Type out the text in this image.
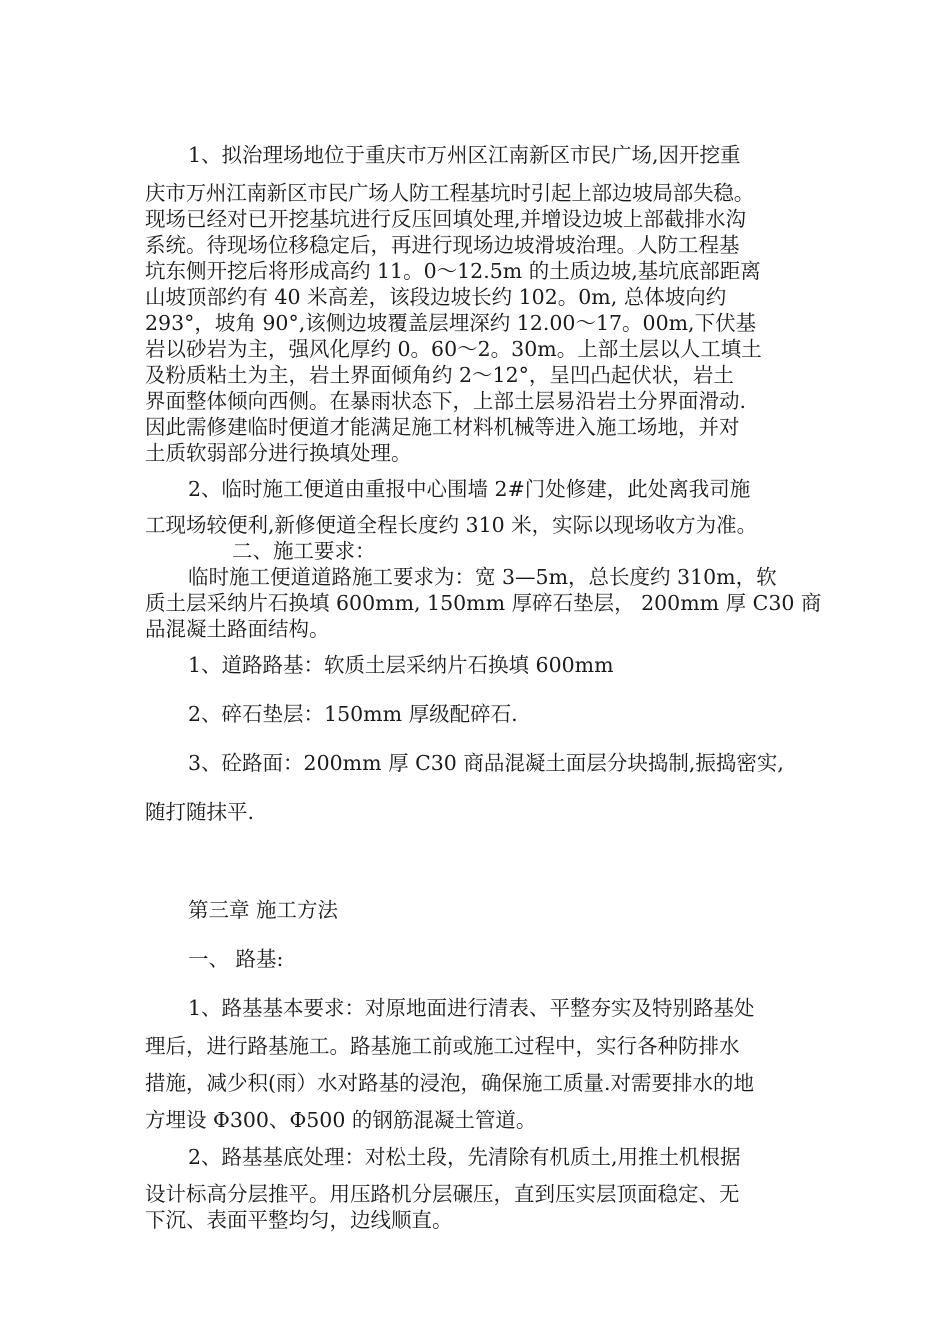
1、拟治理场地位于重庆市万州区江南新区市民广场,因开挖重
庆市万州江南新区市民广场人防工程基坑时引起上部边坡局部失稳。
现场已经对已开挖基坑进行反压回填处理,并增设边坡上部截排水沟
系统。待现场位移稳定后，再进行现场边坡滑坡治理。人防工程基
坑东侧开挖后将形成高约 11。0～12.5m 的土质边坡,基坑底部距离
山坡顶部约有 40 米高差，该段边坡长约 102。0m, 总体坡向约
293°，坡角 90°,该侧边坡覆盖层埋深约 12.00～17。00m,下伏基
岩以砂岩为主，强风化厚约 0。60～2。30m。上部土层以人工填土
及粉质粘土为主，岩土界面倾角约 2～12°，呈凹凸起伏状，岩土
界面整体倾向西侧。在暴雨状态下，上部土层易沿岩土分界面滑动.
因此需修建临时便道才能满足施工材料机械等进入施工场地，并对
土质软弱部分进行换填处理。
2、临时施工便道由重报中心围墙 2#门处修建，此处离我司施
工现场较便利,新修便道全程长度约 310 米，实际以现场收方为准。
二、施工要求：
临时施工便道道路施工要求为：宽 3—5m，总长度约 310m，软
质土层采纳片石换填 600mm, 150mm 厚碎石垫层， 200mm 厚 C30 商
品混凝土路面结构。
1、道路路基：软质土层采纳片石换填 600mm
2、碎石垫层：150mm 厚级配碎石.
3、砼路面：200mm 厚 C30 商品混凝土面层分块捣制,振捣密实,
随打随抹平.
第三章 施工方法
一、 路基:
1、路基基本要求：对原地面进行清表、平整夯实及特别路基处
理后，进行路基施工。路基施工前或施工过程中，实行各种防排水
措施，减少积(雨）水对路基的浸泡，确保施工质量.对需要排水的地
方埋设 Φ300、Φ500 的钢筋混凝土管道。
2、路基基底处理：对松土段，先清除有机质土,用推土机根据
设计标高分层推平。用压路机分层碾压，直到压实层顶面稳定、无
下沉、表面平整均匀，边线顺直。
